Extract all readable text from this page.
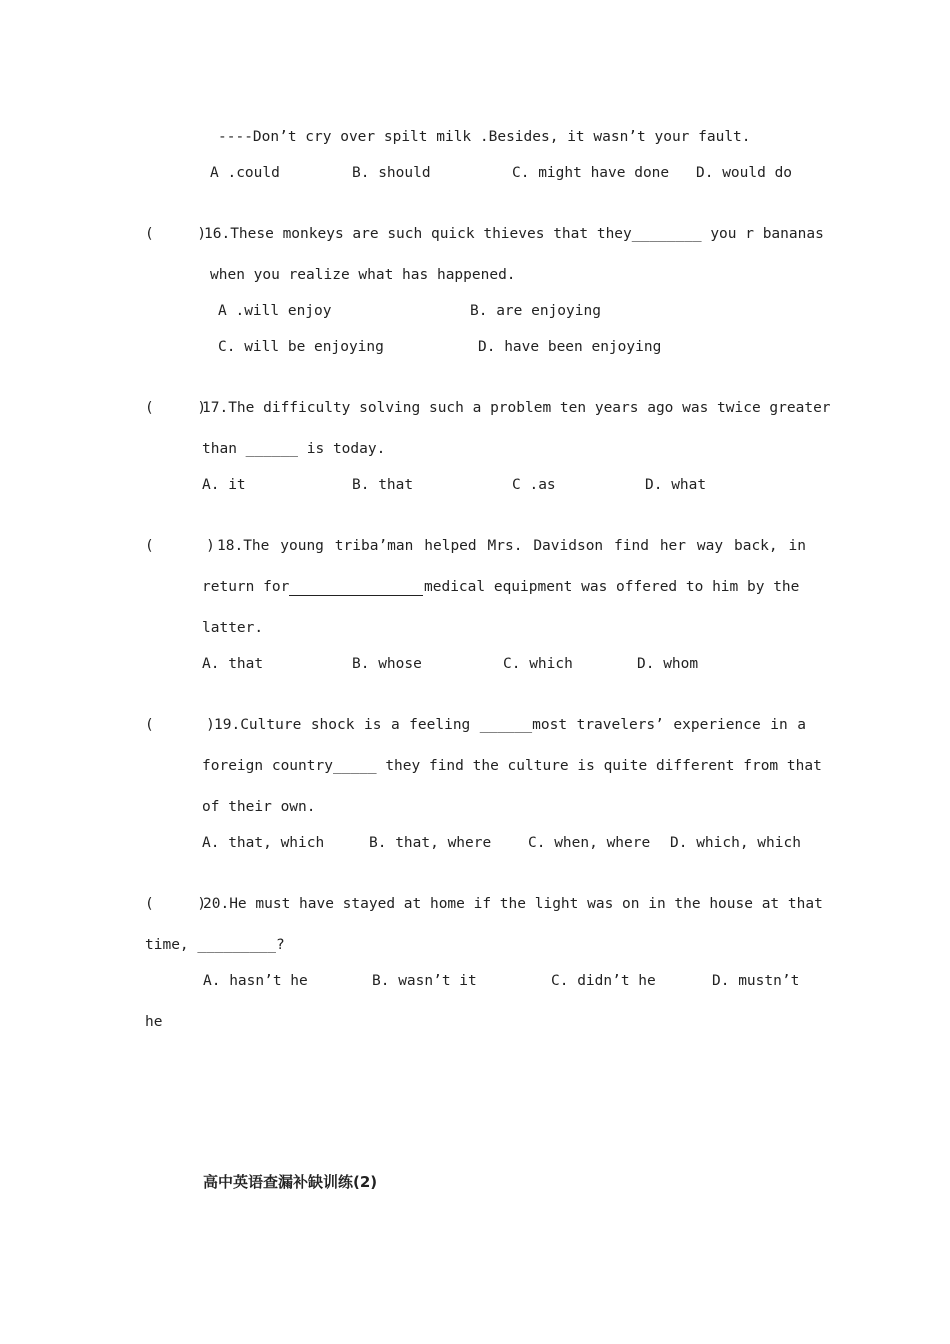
----Don’t cry over spilt milk .Besides, it wasn’t your fault.
A .could	B. should	C. might have done D. would do
(     )
16.These monkeys are such quick thieves that they________ you r bananas
when you realize what has happened.
A .will enjoy	B. are enjoying
C. will be enjoying	D. have been enjoying
(     )
17.The difficulty solving such a problem ten years ago was twice greater
than ______ is today.
A. it	B. that	C .as	D. what
(      ) 18.The young triba’man helped Mrs. Davidson find her way back, in
return for	medical equipment was offered to him by the
latter.
A. that	B. whose	C. which	D. whom
(      ) 19.Culture shock is a feeling ______most travelers’ experience in a
foreign country_____ they find the culture is quite different from that
of their own.
A. that, which	B. that, where	C. when, where D. which, which
(     )
20.He must have stayed at home if the light was on in the house at that
time, _________?
A. hasn’t he	B. wasn’t it	C. didn’t he	D. mustn’t
he
高中英语查漏补缺训练(2)
